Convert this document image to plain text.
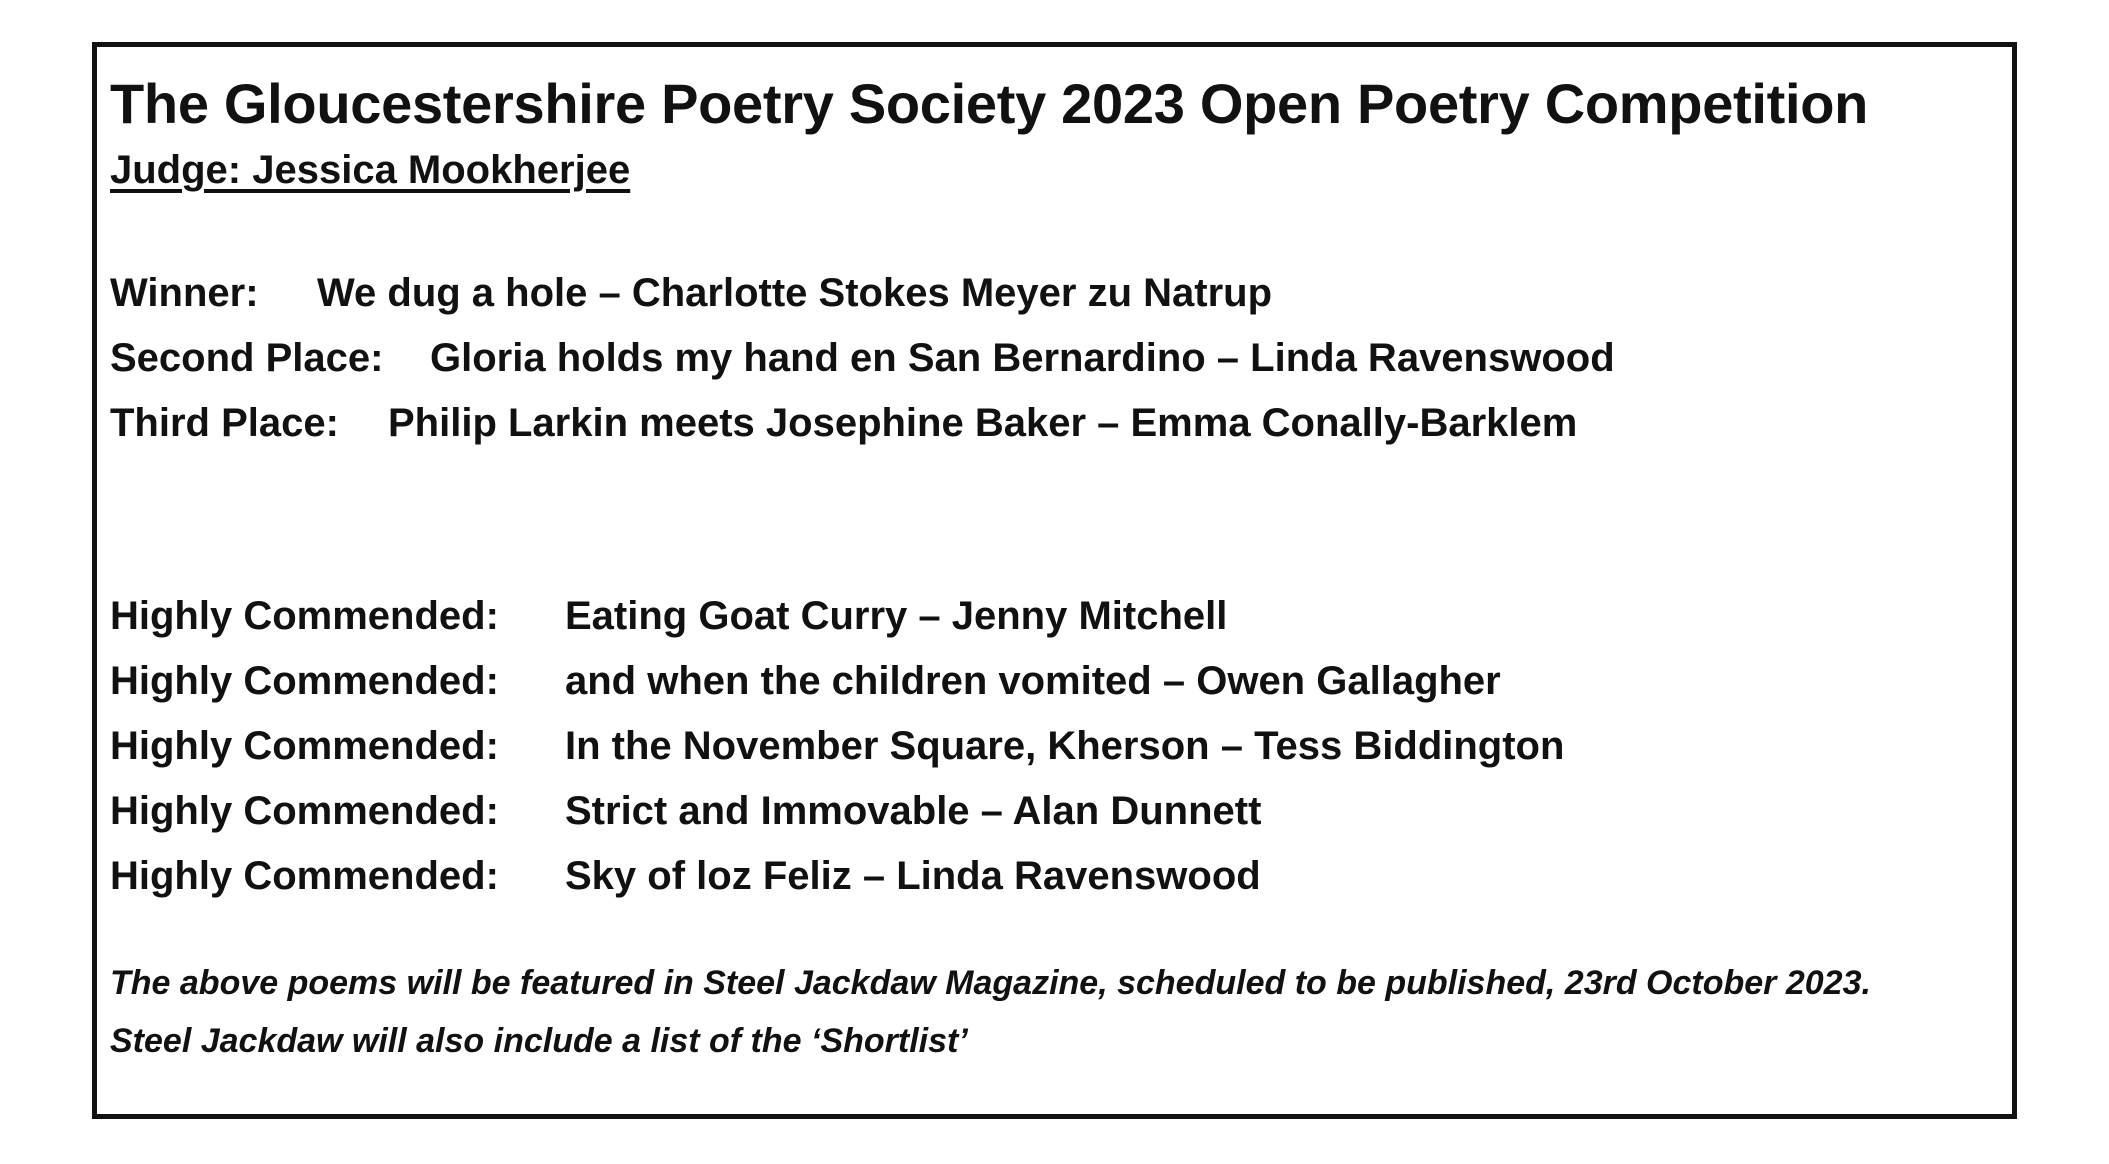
The Gloucestershire Poetry Society 2023 Open Poetry Competition
Judge: Jessica Mookherjee
Winner: We dug a hole – Charlotte Stokes Meyer zu Natrup
Second Place: Gloria holds my hand en San Bernardino – Linda Ravenswood
Third Place: Philip Larkin meets Josephine Baker – Emma Conally-Barklem
Highly Commended: Eating Goat Curry – Jenny Mitchell
Highly Commended: and when the children vomited – Owen Gallagher
Highly Commended: In the November Square, Kherson – Tess Biddington
Highly Commended: Strict and Immovable – Alan Dunnett
Highly Commended: Sky of loz Feliz – Linda Ravenswood
The above poems will be featured in Steel Jackdaw Magazine, scheduled to be published, 23rd October 2023.
Steel Jackdaw will also include a list of the ‘Shortlist’
